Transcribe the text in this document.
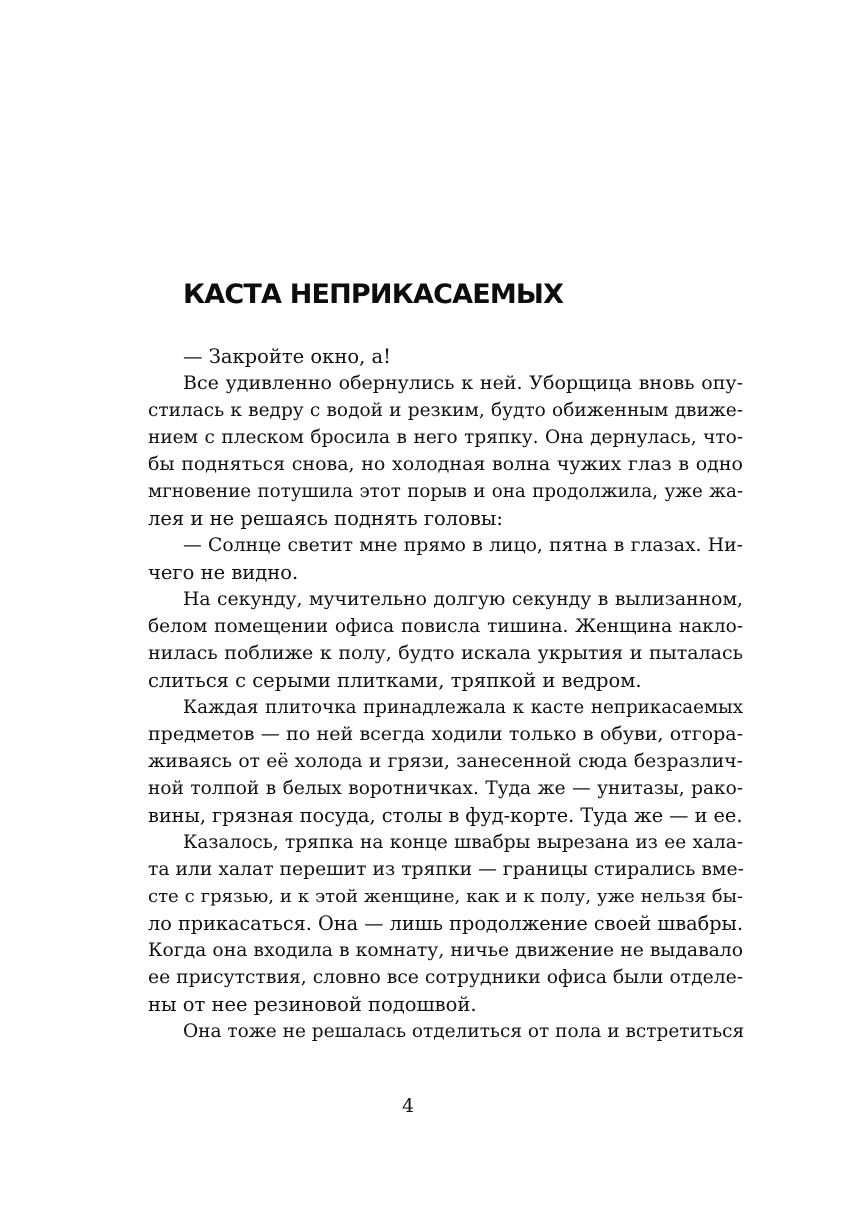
КАСТА НЕПРИКАСАЕМЫХ
— Закройте окно, а!
Все удивленно обернулись к ней. Уборщица вновь опу-
стилась к ведру с водой и резким, будто обиженным движе-
нием с плеском бросила в него тряпку. Она дернулась, что-
бы подняться снова, но холодная волна чужих глаз в одно
мгновение потушила этот порыв и она продолжила, уже жа-
лея и не решаясь поднять головы:
— Солнце светит мне прямо в лицо, пятна в глазах. Ни-
чего не видно.
На секунду, мучительно долгую секунду в вылизанном,
белом помещении офиса повисла тишина. Женщина накло-
нилась поближе к полу, будто искала укрытия и пыталась
слиться с серыми плитками, тряпкой и ведром.
Каждая плиточка принадлежала к касте неприкасаемых
предметов — по ней всегда ходили только в обуви, отгора-
живаясь от её холода и грязи, занесенной сюда безразлич-
ной толпой в белых воротничках. Туда же — унитазы, рако-
вины, грязная посуда, столы в фуд-корте. Туда же — и ее.
Казалось, тряпка на конце швабры вырезана из ее хала-
та или халат перешит из тряпки — границы стирались вме-
сте с грязью, и к этой женщине, как и к полу, уже нельзя бы-
ло прикасаться. Она — лишь продолжение своей швабры.
Когда она входила в комнату, ничье движение не выдавало
ее присутствия, словно все сотрудники офиса были отделе-
ны от нее резиновой подошвой.
Она тоже не решалась отделиться от пола и встретиться
4
